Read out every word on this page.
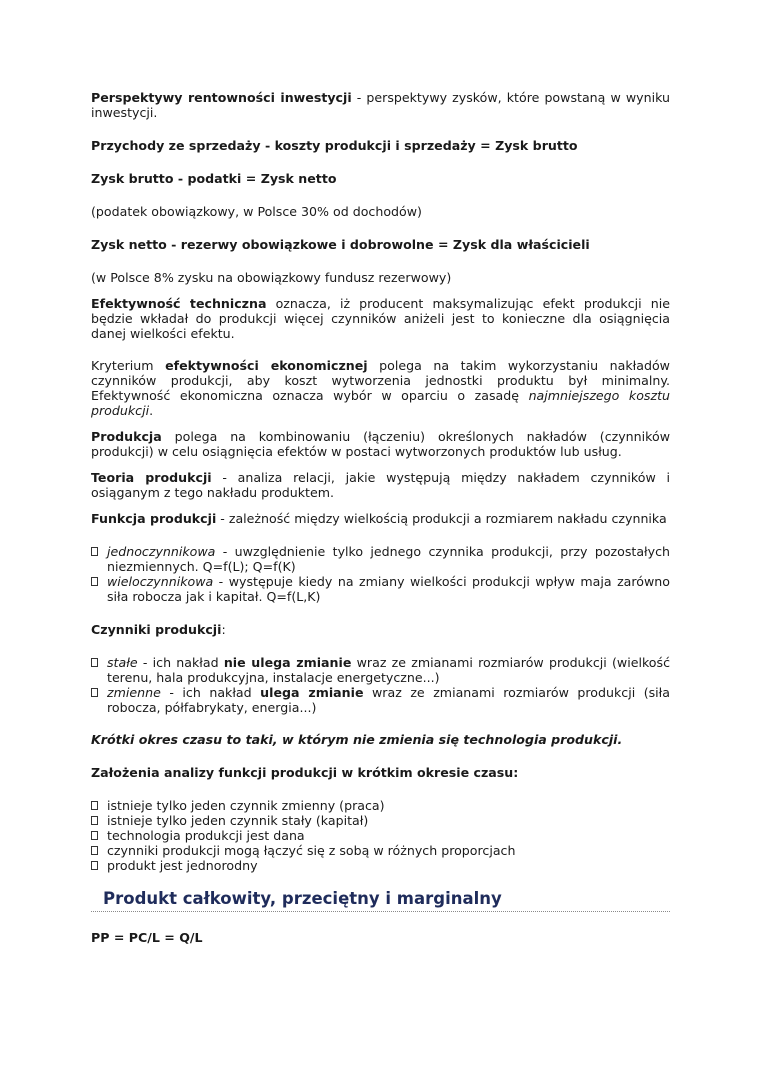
Perspektywy rentowności inwestycji - perspektywy zysków, które powstaną w wyniku inwestycji.

Przychody ze sprzedaży - koszty produkcji i sprzedaży = Zysk brutto

Zysk brutto - podatki = Zysk netto

(podatek obowiązkowy, w Polsce 30% od dochodów)

Zysk netto - rezerwy obowiązkowe i dobrowolne = Zysk dla właścicieli

(w Polsce 8% zysku na obowiązkowy fundusz rezerwowy)

Efektywność techniczna oznacza, iż producent maksymalizując efekt produkcji nie będzie wkładał do produkcji więcej czynników aniżeli jest to konieczne dla osiągnięcia danej wielkości efektu.

Kryterium efektywności ekonomicznej polega na takim wykorzystaniu nakładów czynników produkcji, aby koszt wytworzenia jednostki produktu był minimalny. Efektywność ekonomiczna oznacza wybór w oparciu o zasadę najmniejszego kosztu produkcji.

Produkcja polega na kombinowaniu (łączeniu) określonych nakładów (czynników produkcji) w celu osiągnięcia efektów w postaci wytworzonych produktów lub usług.

Teoria produkcji - analiza relacji, jakie występują między nakładem czynników i osiąganym z tego nakładu produktem.

Funkcja produkcji - zależność między wielkością produkcji a rozmiarem nakładu czynnika

jednoczynnikowa - uwzględnienie tylko jednego czynnika produkcji, przy pozostałych niezmiennych. Q=f(L); Q=f(K)

wieloczynnikowa - występuje kiedy na zmiany wielkości produkcji wpływ maja zarówno siła robocza jak i kapitał. Q=f(L,K)

Czynniki produkcji:

stałe - ich nakład nie ulega zmianie wraz ze zmianami rozmiarów produkcji (wielkość terenu, hala produkcyjna, instalacje energetyczne...)

zmienne - ich nakład ulega zmianie wraz ze zmianami rozmiarów produkcji (siła robocza, półfabrykaty, energia...)

Krótki okres czasu to taki, w którym nie zmienia się technologia produkcji.

Założenia analizy funkcji produkcji w krótkim okresie czasu:

istnieje tylko jeden czynnik zmienny (praca)

istnieje tylko jeden czynnik stały (kapitał)

technologia produkcji jest dana

czynniki produkcji mogą łączyć się z sobą w różnych proporcjach

produkt jest jednorodny

Produkt całkowity, przeciętny i marginalny

PP = PC/L = Q/L
